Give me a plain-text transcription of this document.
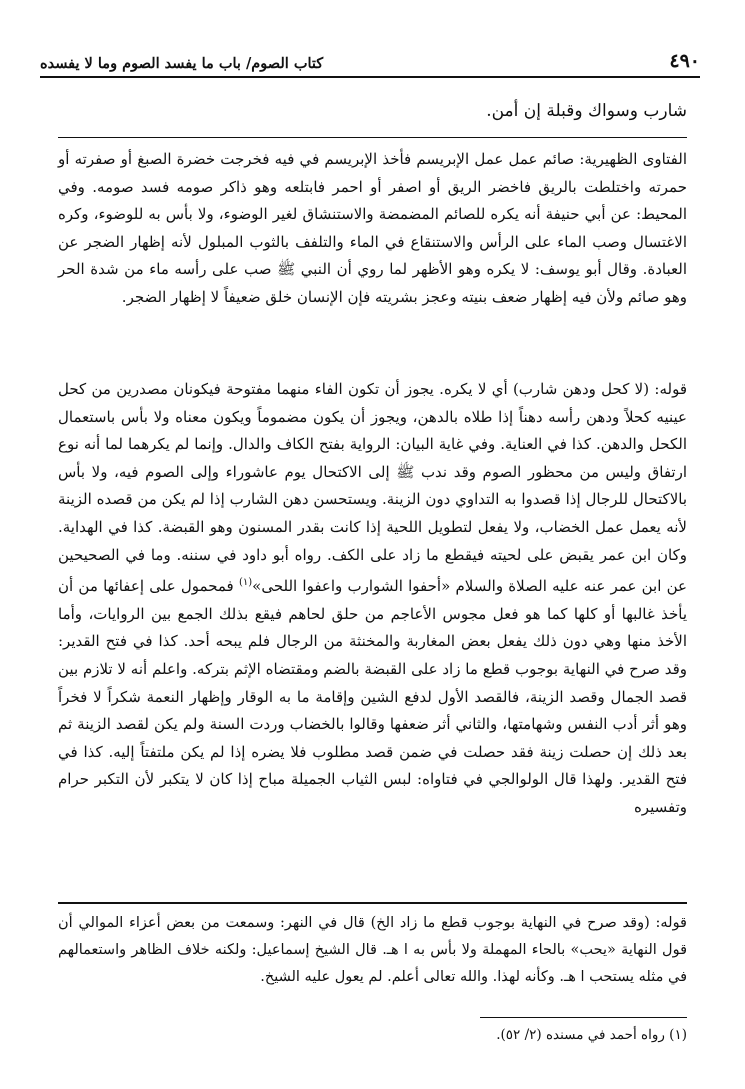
٤٩٠
كتاب الصوم/ باب ما يفسد الصوم وما لا يفسده

شارب وسواك وقبلة إن أمن.

الفتاوى الظهيرية: صائم عمل عمل الإبريسم فأخذ الإبريسم في فيه فخرجت خضرة الصبغ أو صفرته أو حمرته واختلطت بالريق فاخضر الريق أو اصفر أو احمر فابتلعه وهو ذاكر صومه فسد صومه. وفي المحيط: عن أبي حنيفة أنه يكره للصائم المضمضة والاستنشاق لغير الوضوء، ولا بأس به للوضوء، وكره الاغتسال وصب الماء على الرأس والاستنقاع في الماء والتلفف بالثوب المبلول لأنه إظهار الضجر عن العبادة. وقال أبو يوسف: لا يكره وهو الأظهر لما روي أن النبي ﷺ صب على رأسه ماء من شدة الحر وهو صائم ولأن فيه إظهار ضعف بنيته وعجز بشريته فإن الإنسان خلق ضعيفاً لا إظهار الضجر.

قوله: (لا كحل ودهن شارب) أي لا يكره. يجوز أن تكون الفاء منهما مفتوحة فيكونان مصدرين من كحل عينيه كحلاً ودهن رأسه دهناً إذا طلاه بالدهن، ويجوز أن يكون مضموماً ويكون معناه ولا بأس باستعمال الكحل والدهن. كذا في العناية. وفي غاية البيان: الرواية بفتح الكاف والدال. وإنما لم يكرهما لما أنه نوع ارتفاق وليس من محظور الصوم وقد ندب ﷺ إلى الاكتحال يوم عاشوراء وإلى الصوم فيه، ولا بأس بالاكتحال للرجال إذا قصدوا به التداوي دون الزينة. ويستحسن دهن الشارب إذا لم يكن من قصده الزينة لأنه يعمل عمل الخضاب، ولا يفعل لتطويل اللحية إذا كانت بقدر المسنون وهو القبضة. كذا في الهداية. وكان ابن عمر يقبض على لحيته فيقطع ما زاد على الكف. رواه أبو داود في سننه. وما في الصحيحين عن ابن عمر عنه عليه الصلاة والسلام «أحفوا الشوارب واعفوا اللحى»$^{(١)}$ فمحمول على إعفائها من أن يأخذ غالبها أو كلها كما هو فعل مجوس الأعاجم من حلق لحاهم فيقع بذلك الجمع بين الروايات، وأما الأخذ منها وهي دون ذلك يفعل بعض المغاربة والمخنثة من الرجال فلم يبحه أحد. كذا في فتح القدير: وقد صرح في النهاية بوجوب قطع ما زاد على القبضة بالضم ومقتضاه الإثم بتركه. واعلم أنه لا تلازم بين قصد الجمال وقصد الزينة، فالقصد الأول لدفع الشين وإقامة ما به الوقار وإظهار النعمة شكراً لا فخراً وهو أثر أدب النفس وشهامتها، والثاني أثر ضعفها وقالوا بالخضاب وردت السنة ولم يكن لقصد الزينة ثم بعد ذلك إن حصلت زينة فقد حصلت في ضمن قصد مطلوب فلا يضره إذا لم يكن ملتفتاً إليه. كذا في فتح القدير. ولهذا قال الولوالجي في فتاواه: لبس الثياب الجميلة مباح إذا كان لا يتكبر لأن التكبر حرام وتفسيره

قوله: (وقد صرح في النهاية بوجوب قطع ما زاد الخ) قال في النهر: وسمعت من بعض أعزاء الموالي أن قول النهاية «يحب» بالحاء المهملة ولا بأس به ا هـ. قال الشيخ إسماعيل: ولكنه خلاف الظاهر واستعمالهم في مثله يستحب ا هـ. وكأنه لهذا. والله تعالى أعلم. لم يعول عليه الشيخ.

(١) رواه أحمد في مسنده (٢/ ٥٢).
